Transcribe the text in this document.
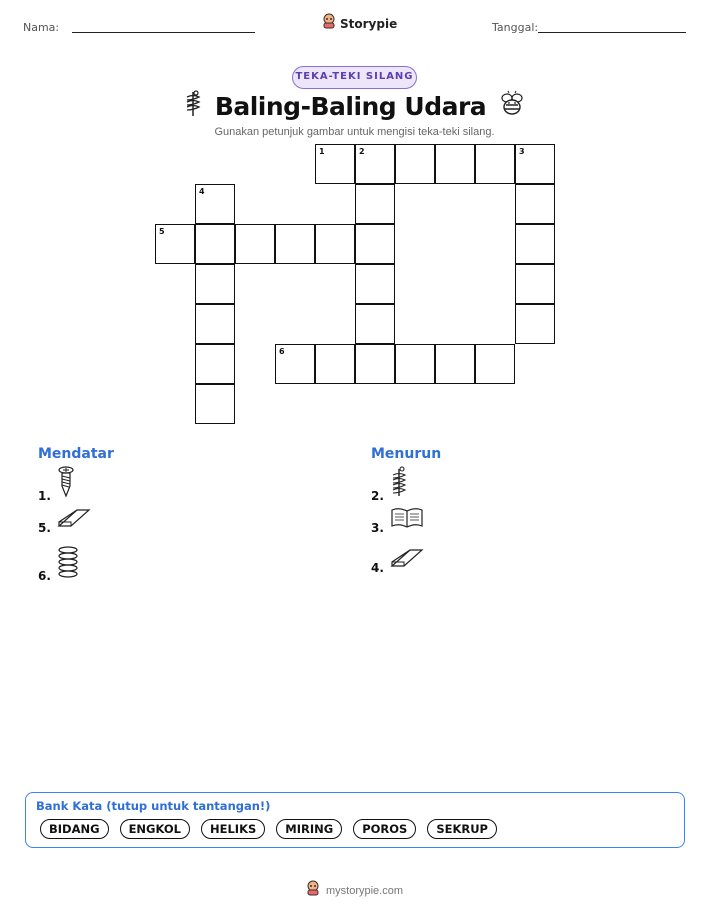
Nama:	Storypie	Tanggal:
TEKA-TEKI SILANG
Baling-Baling Udara
Gunakan petunjuk gambar untuk mengisi teka-teki silang.
1	2	3
4
5
6
Mendatar
1.
5.
6.
Menurun
2.
3.
4.
Bank Kata (tutup untuk tantangan!)
BIDANG	ENGKOL	HELIKS	MIRING	POROS	SEKRUP
mystorypie.com
